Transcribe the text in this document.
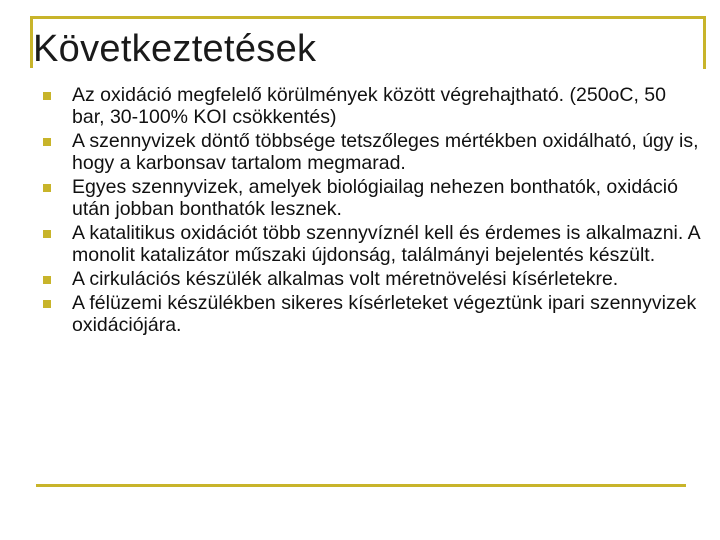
Következtetések
Az oxidáció megfelelő körülmények között végrehajtható. (250oC, 50 bar, 30-100% KOI csökkentés)
A szennyvizek döntő többsége tetszőleges mértékben oxidálható, úgy is, hogy a karbonsav tartalom megmarad.
Egyes szennyvizek, amelyek biológiailag nehezen bonthatók, oxidáció után jobban bonthatók lesznek.
A katalitikus oxidációt több szennyvíznél kell és érdemes is alkalmazni. A monolit katalizátor műszaki újdonság, találmányi bejelentés készült.
A cirkulációs készülék alkalmas volt méretnövelési kísérletekre.
A félüzemi készülékben sikeres kísérleteket végeztünk ipari szennyvizek oxidációjára.
